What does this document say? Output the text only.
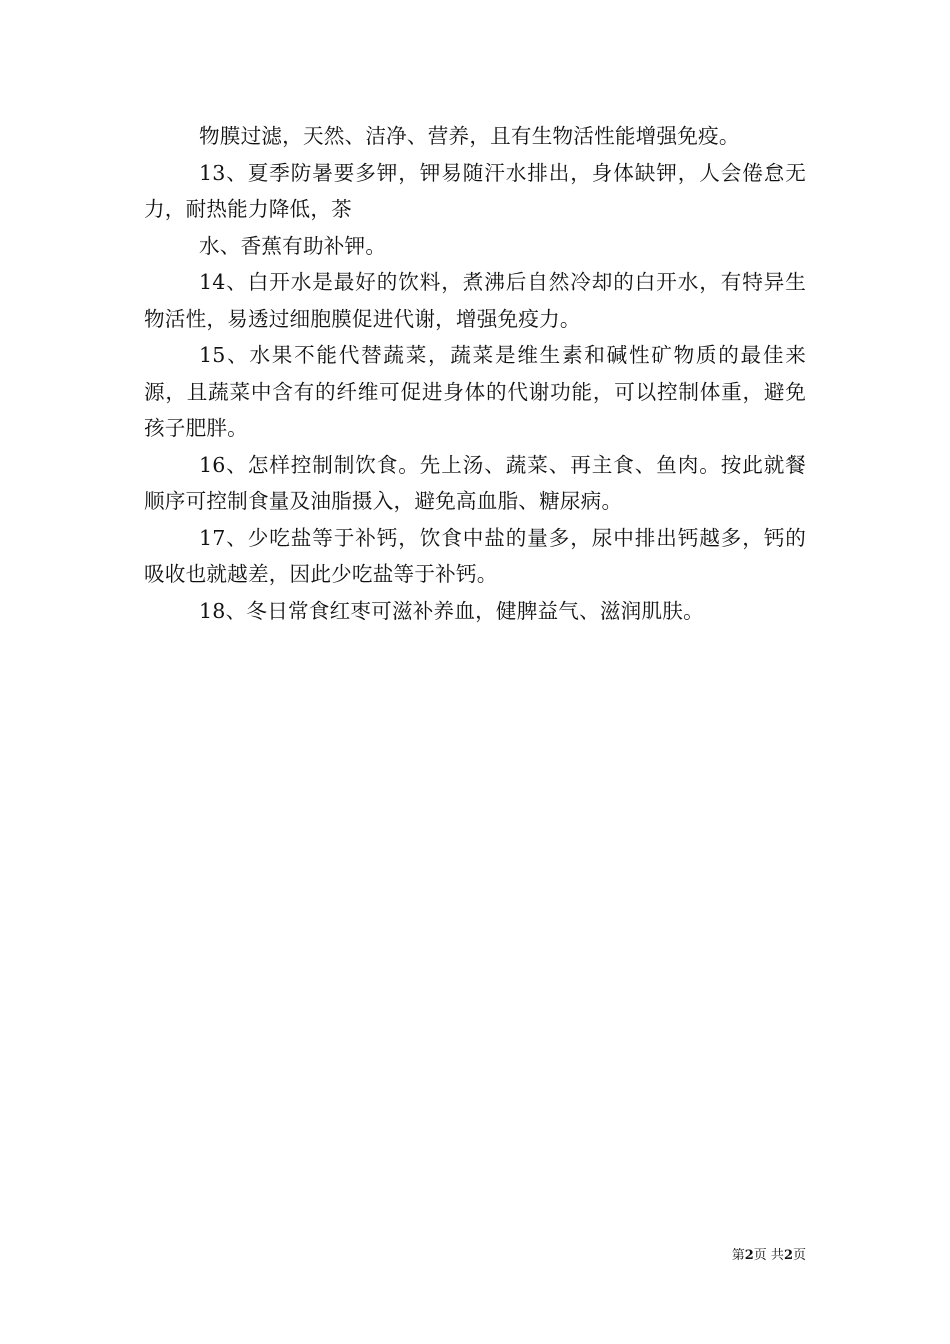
物膜过滤，天然、洁净、营养，且有生物活性能增强免疫。

13、夏季防暑要多钾，钾易随汗水排出，身体缺钾，人会倦怠无力，耐热能力降低，茶

水、香蕉有助补钾。

14、白开水是最好的饮料，煮沸后自然冷却的白开水，有特异生物活性，易透过细胞膜促进代谢，增强免疫力。

15、水果不能代替蔬菜，蔬菜是维生素和碱性矿物质的最佳来源，且蔬菜中含有的纤维可促进身体的代谢功能，可以控制体重，避免孩子肥胖。

16、怎样控制制饮食。先上汤、蔬菜、再主食、鱼肉。按此就餐顺序可控制食量及油脂摄入，避免高血脂、糖尿病。

17、少吃盐等于补钙，饮食中盐的量多，尿中排出钙越多，钙的吸收也就越差，因此少吃盐等于补钙。

18、冬日常食红枣可滋补养血，健脾益气、滋润肌肤。

第2页 共2页
